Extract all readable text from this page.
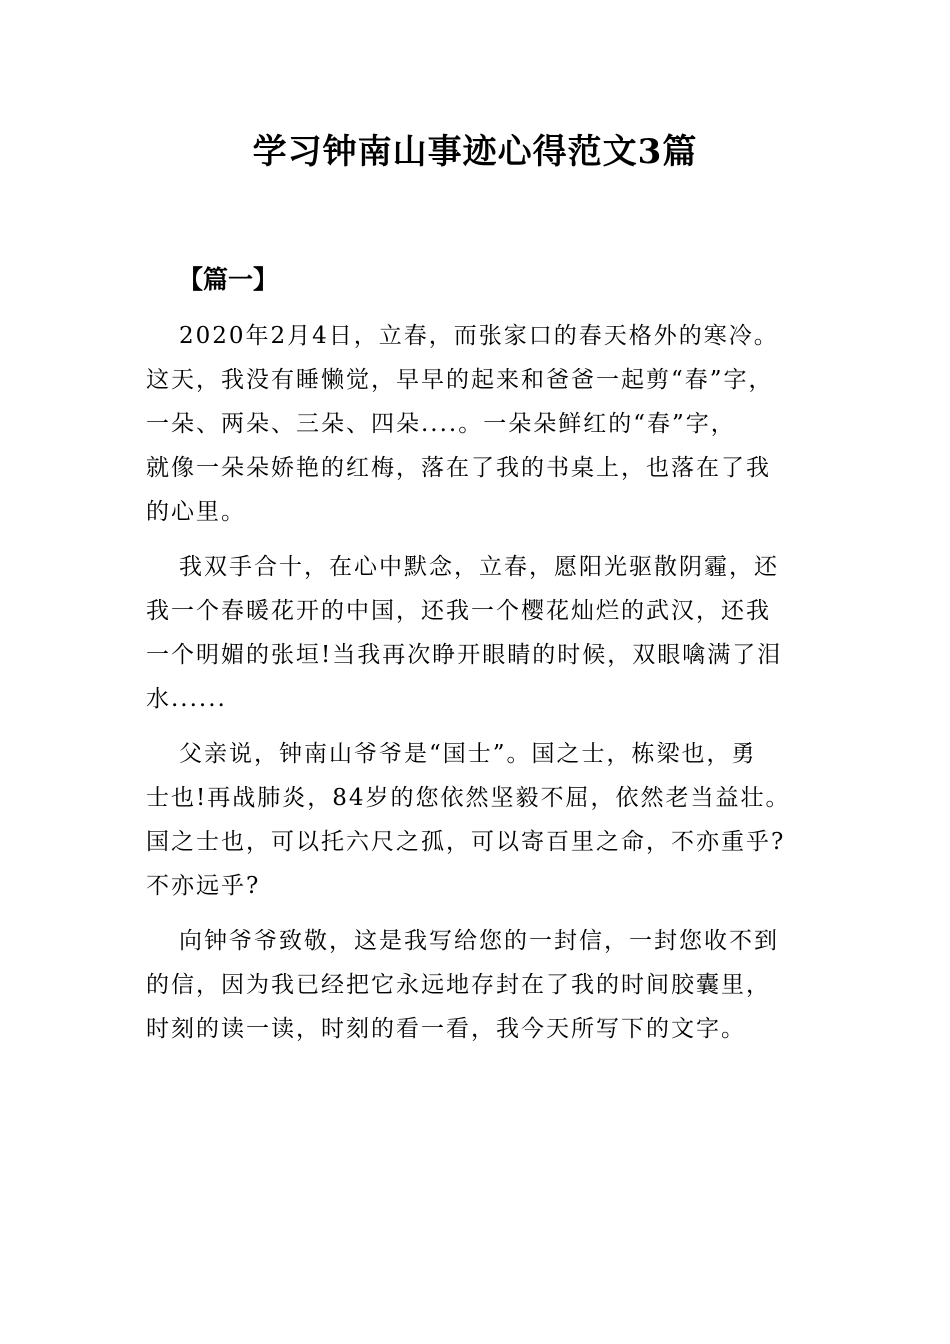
学习钟南山事迹心得范文3篇
【篇一】
2020年2月4日，立春，而张家口的春天格外的寒冷。
这天，我没有睡懒觉，早早的起来和爸爸一起剪“春”字，
一朵、两朵、三朵、四朵....。一朵朵鲜红的“春”字，
就像一朵朵娇艳的红梅，落在了我的书桌上，也落在了我
的心里。
我双手合十，在心中默念，立春，愿阳光驱散阴霾，还
我一个春暖花开的中国，还我一个樱花灿烂的武汉，还我
一个明媚的张垣!当我再次睁开眼睛的时候，双眼噙满了泪
水......
父亲说，钟南山爷爷是“国士”。国之士，栋梁也，勇
士也!再战肺炎，84岁的您依然坚毅不屈，依然老当益壮。
国之士也，可以托六尺之孤，可以寄百里之命，不亦重乎?
不亦远乎?
向钟爷爷致敬，这是我写给您的一封信，一封您收不到
的信，因为我已经把它永远地存封在了我的时间胶囊里，
时刻的读一读，时刻的看一看，我今天所写下的文字。
